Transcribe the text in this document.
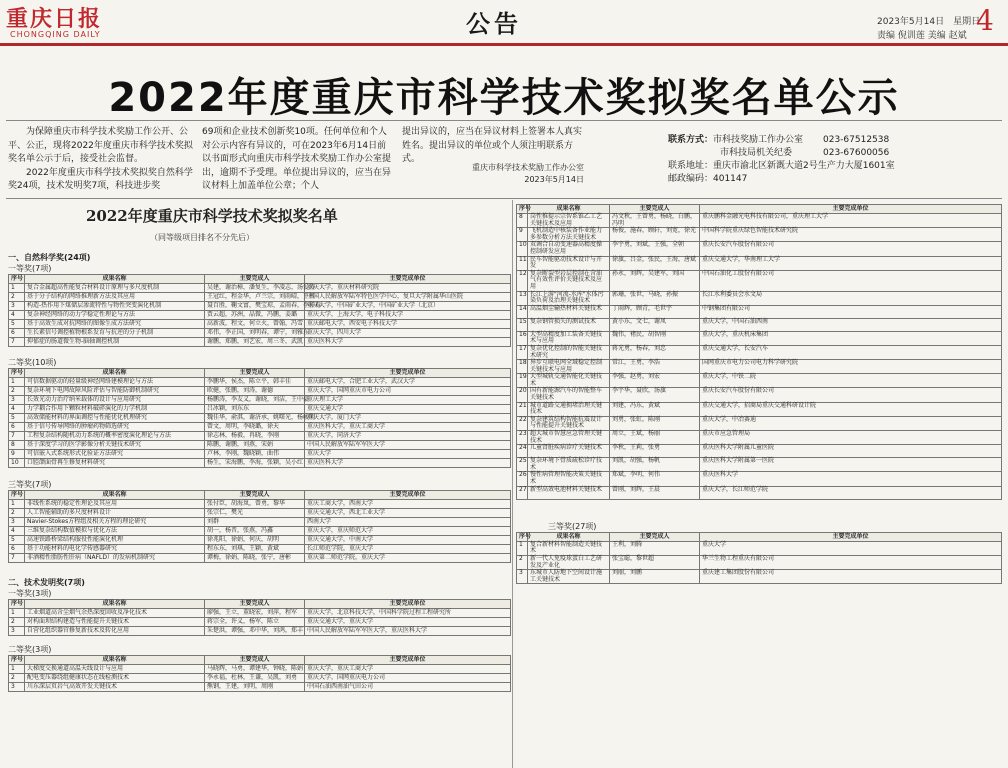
重庆日报
CHONGQING DAILY	公告	2023年5月14日　星期日
责编 倪训莲 美编 赵斌 4
2022年度重庆市科学技术奖拟奖名单公示

为保障重庆市科学技术奖励工作公开、公平、公正，现将2022年度重庆市科学技术奖拟奖名单公示于后，接受社会监督。

2022年度重庆市科学技术奖拟奖自然科学奖24项，技术发明奖7项，科技进步奖

69项和企业技术创新奖10项。任何单位和个人对公示内容有异议的，可在2023年6月14日前以书面形式向重庆市科学技术奖励工作办公室提出，逾期不予受理。单位提出异议的，应当在异议材料上加盖单位公章；个人

提出异议的，应当在异议材料上签署本人真实姓名。提出异议的单位或个人须注明联系方式。

重庆市科学技术奖励工作办公室
2023年5月14日
联系方式：市科技奖励工作办公室 023-67512538
市科技局机关纪委	023-67600056
联系地址：重庆市渝北区新溉大道2号生产力大厦1601室
邮政编码：401147
2022年度重庆市科学技术奖拟奖名单
（同等级项目排名不分先后）
一、自然科学奖(24项)
一等奖(7项)
序号	成果名称	主要完成人	主要完成单位
1	复合金属超高性能复合材料设计原理与多尺度机制	吴建，谢治樟，潘复生，李凌志，汤爱涛	重庆大学，重庆材料研究院
2	基于分子结构的网络推理新方法及其应用	王冠红，程金华，卢兰宗，刘雨晴，王根	中国人民解放军陆军特色医学中心，复旦大学附属华山医院
3	构造-热作用下煤储层渗流特性与物性突变演化机制	聂百胜，鞠文富，樊宝琼，孟雨春，李祥春	重庆大学，中国矿业大学，中国矿业大学（北京）
4	复杂神经网络的动力学稳定性理论与方法	贾云超，苏洲，晶微，冯鹏，姜璐	重庆大学，上海大学，电子科技大学
5	基于高效生成对抗网络的图像生成方法研究	高新波，程文，何立火，曾翰，冯雪	重庆邮电大学，西安电子科技大学
6	生长素信号调控植物根系发育与抗逆的分子机制	邓伟，李正国，刘明春，谭宁，刘雅东	重庆大学，四川大学
7	抑郁症的肠道微生物-脑轴调控机制	谢鹏，郑鹏，刘艺宏，周三冬，武凯	重庆医科大学
二等奖(10项)
序号	成果名称	主要完成人	主要完成单位
1	可信数据驱动的轻量级神经网络建模理论与方法	李鹏华，侯杰，陈立平，韩丰佳	重庆邮电大学，合肥工业大学，武汉大学
2	复杂环境下电网故障风险评估与智能防御机制研究	欧健，张鹏，刘涛，谢德	重庆大学，国网重庆市电力公司
3	长效光动力治疗纳米载体的设计与应用研究	杨鹏涛，李友义，谢晓，刘洁，王中豪	重庆理工大学
4	力学耦合作用下颗粒材料破碎演化的力学机制	吕冰颖，刘东东	重庆交通大学
5	高效储能材料的界面调控与性能优化机理研究	魏佳华，俞淇，谢济承，姚曙光，杨峻明	重庆大学，厦门大学
6	基于信号传导网络的肿瘤药物筛选研究	曾文，周明，李晓璐，徐天	重庆医科大学，重庆工商大学
7	工程复杂结构随机动力系统的概率密度演化理论与方法	徐志林，杨毅，冉晓，李刚	重庆大学，同济大学
8	基于深度学习的医学影像分析关键技术研究	陈鹏，谢鹏，刘燕，宋娟	中国人民解放军陆军军医大学
9	可信嵌入式系统形式化验证方法研究	卢林，李刚，魏晓颖，曲伟	重庆大学
10	口腔颌面骨再生修复材料研究	杨生，宋海鹏，李海，张颖，吴小红	重庆医科大学
三等奖(7项)
序号	成果名称	主要完成人	主要完成单位
1	非线性系统的稳定性理论及其应用	张付臣，胡海岚，曾勇，黎华	重庆工商大学，西南大学
2	人工智能辅助的多尺度材料设计	张宗仁，樊光	重庆交通大学，西北工业大学
3	Navier-Stokes方程组及相关方程的理论研究	刘群	西南大学
4	三维复杂结构数值模拟与优化方法	胡一，杨晋，张燕，冯鑫	重庆大学，重庆师范大学
5	高速铁路桥梁结构服役性能演化机理	徐兆阳，徐娟，何庆，胡明	重庆交通大学，中南大学
6	基于功能材料的电化学传感器研究	程东东，刘琪，王颖，黄斌	长江师范学院，重庆大学
7	非酒精性脂肪性肝病（NAFLD）的发病机制研究	谭梅，徐娟，陈晓，张宁，唐彬	重庆第二师范学院，重庆大学
二、技术发明奖(7项)
一等奖(3项)
序号	成果名称	主要完成人	主要完成单位
1	工业烟道高含尘烟气余热深度回收及净化技术	廖强，王立，董晓宏，刘萍，程军	重庆大学，北京科技大学，中国科学院过程工程研究所
2	对构面坝结构建造与性能提升关键技术	蒋宗全，许义，杨军，陈立	重庆交通大学，重庆大学
3	自营化组织器官修复新技术及转化应用	朱楚洪，谭强，邓中华，刘鸿，郑丰	中国人民解放军陆军军医大学，重庆医科大学
二等奖(3项)
序号	成果名称	主要完成人	主要完成单位
1	大梯度交换通道高温天线设计与应用	马晓辉，马勇，谭建华，钟晓，陈娟	重庆大学，重庆工商大学
2	配电变压器绕组健康状态在线检测技术	李永福，杜林，王谦，吴凯，刘勇	重庆大学，国网重庆电力公司
3	川东深层页岩气高效开发关键技术	熊钢，王建，刘明，周刚	中国石油西南油气田公司
序号	成果名称	主要完成人	主要完成单位
8	岗性推提示宗智系锥乙工艺关键技术及应用	冯文秋，王曾勇，杨晓，白鹏，冯明	重庆鹏科金融光电科技有限公司，重庆理工大学
9	飞机制造中核装备作业能力多参数分析方法关键技术	杨俊，施春，顾轩，刘宽，徐光	中国科学院重庆绿色智能技术研究院
10	双调合自动变速器高精度操控制研发应用	李宇勇，刘斌，王强，全朝	重庆长安汽车股份有限公司
11	民车智能驱动技术设计与开发	徐旗，吕金，张民，王海，唐斌	重庆交通大学，华南理工大学
12	复杂断裂型岩层控制在含油气有效性评价关键技术及应用	孙永，刘辉，吴建军，刘国	中国石油化工股份有限公司
13	长江上游"河流-水库"水体污染负荷及治理关键技术	郭珊，张世，马晓，孙振	长江水利委员会水文局
14	高温烟尘输热材料关键技术	丁雨辉，顾青，毛世宇	中钢集团有限公司
15	复杂钢管损失的测试技术	黄小东，文七，谢凤	重庆大学，中国石油西南
16	大型高精度加工装备关键技术与应用	魏伟，褚民，胡智刚	重庆大学，重庆机床集团
17	复杂优化控制的智能关键技术研究	蒋光勇，杨春，刘忠	重庆交通大学，长安汽车
18	异步互联电网全域稳定控制关键技术与应用	常江，王勇，李浩	国网重庆市电力公司电力科学研究院
19	大型城轨交通智能化关键技术	李强，赵勇，刘宏	重庆大学，中铁二院
20	国有新能源汽车的智能整车关键技术	李宇华，聂欣，汤旗	重庆长安汽车股份有限公司
21	城市道路交通拥堵治理关键技术	刘建，冯东，黄斌	重庆交通大学，招商局重庆交通科研设计院
22	复杂建筑结构智能抗震设计与性能提升关键技术	刘勇，张虹，陈刚	重庆大学，中冶赛迪
23	超大城市智慧应急管理关键技术	周立，王斌，杨丽	重庆市应急管理局
24	儿童肾脏疾病诊疗关键技术	李秋，王莉，张勇	重庆医科大学附属儿童医院
25	复杂环境下骨质疏松诊疗技术	刘凯，胡强，杨帆	重庆医科大学附属第一医院
26	慢性病管理智能决策关键技术	郑斌，李明，何伟	重庆医科大学
27	新型高效电池材料关键技术	曾刚，刘辉，王晨	重庆大学，长江师范学院
三等奖(27项)
序号	成果名称	主要完成人	主要完成单位
1	复合新材料智能制造关键技术	王利，刘腾	重庆大学
2	新一代人免疫球蛋白工艺研发及产业化	张宝聪，黎世超	华兰生物工程重庆有限公司
3	东城市人防地下空间设计施工关键技术	刘丽，刘鹏	重庆建工集团股份有限公司
